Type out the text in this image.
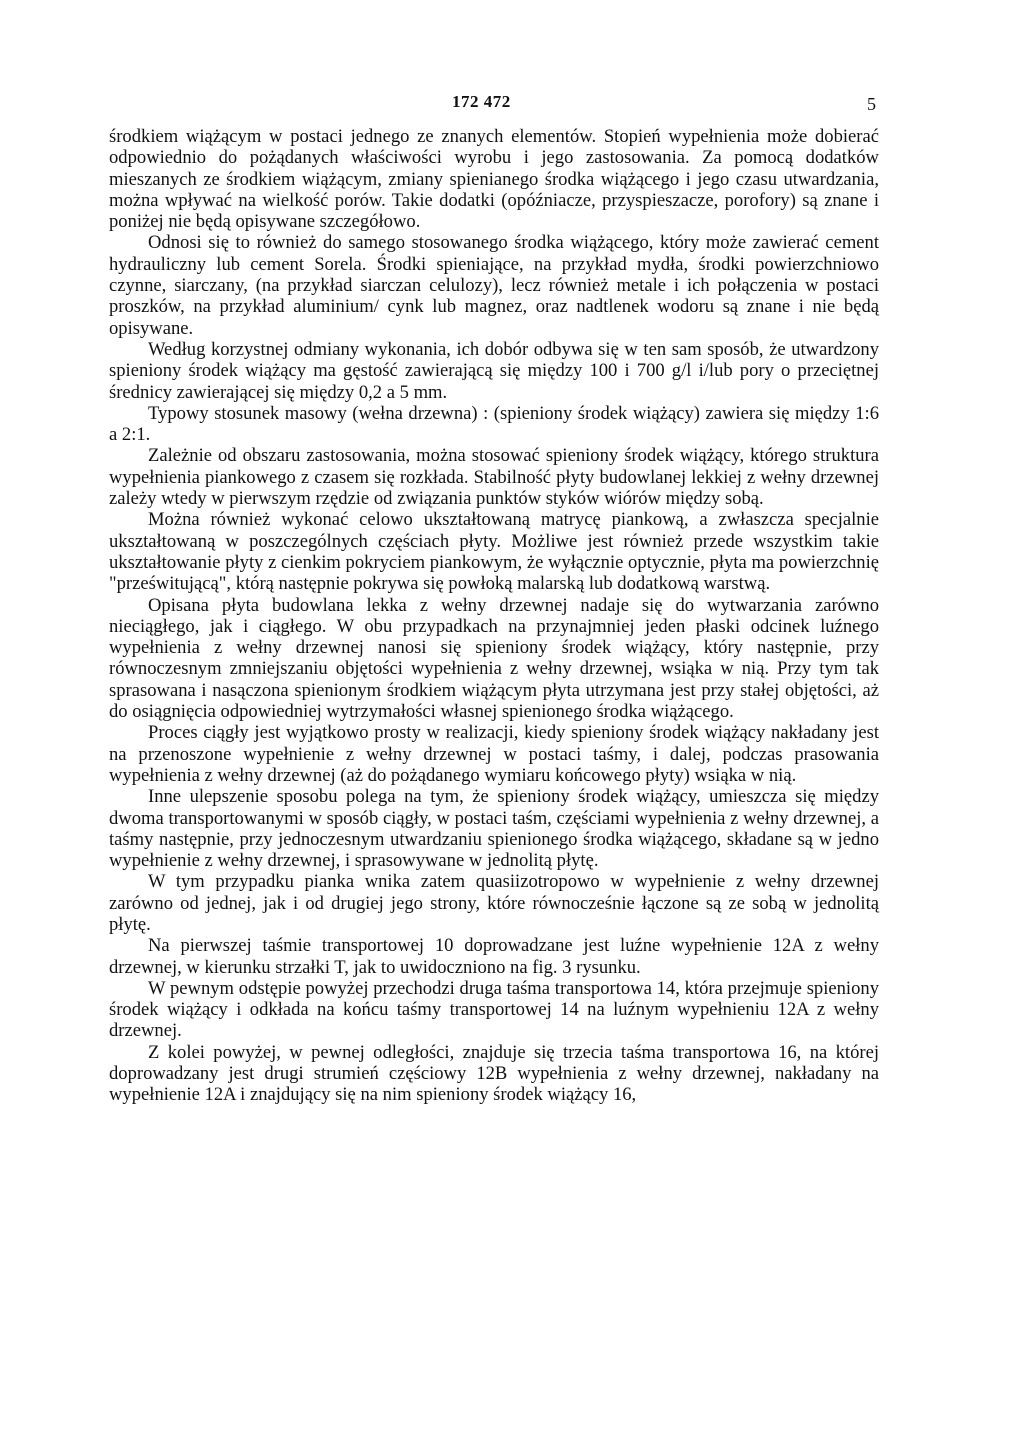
172 472	5

środkiem wiążącym w postaci jednego ze znanych elementów. Stopień wypełnienia może dobierać odpowiednio do pożądanych właściwości wyrobu i jego zastosowania. Za pomocą dodatków mieszanych ze środkiem wiążącym, zmiany spienianego środka wiążącego i jego czasu utwardzania, można wpływać na wielkość porów. Takie dodatki (opóźniacze, przyspieszacze, porofory) są znane i poniżej nie będą opisywane szczegółowo.

Odnosi się to również do samego stosowanego środka wiążącego, który może zawierać cement hydrauliczny lub cement Sorela. Środki spieniające, na przykład mydła, środki powierzchniowo czynne, siarczany, (na przykład siarczan celulozy), lecz również metale i ich połączenia w postaci proszków, na przykład aluminium/ cynk lub magnez, oraz nadtlenek wodoru są znane i nie będą opisywane.

Według korzystnej odmiany wykonania, ich dobór odbywa się w ten sam sposób, że utwardzony spieniony środek wiążący ma gęstość zawierającą się między 100 i 700 g/l i/lub pory o przeciętnej średnicy zawierającej się między 0,2 a 5 mm.

Typowy stosunek masowy (wełna drzewna) : (spieniony środek wiążący) zawiera się między 1:6 a 2:1.

Zależnie od obszaru zastosowania, można stosować spieniony środek wiążący, którego struktura wypełnienia piankowego z czasem się rozkłada. Stabilność płyty budowlanej lekkiej z wełny drzewnej zależy wtedy w pierwszym rzędzie od związania punktów styków wiórów między sobą.

Można również wykonać celowo ukształtowaną matrycę piankową, a zwłaszcza specjalnie ukształtowaną w poszczególnych częściach płyty. Możliwe jest również przede wszystkim takie ukształtowanie płyty z cienkim pokryciem piankowym, że wyłącznie optycznie, płyta ma powierzchnię "prześwitującą", którą następnie pokrywa się powłoką malarską lub dodatkową warstwą.

Opisana płyta budowlana lekka z wełny drzewnej nadaje się do wytwarzania zarówno nieciągłego, jak i ciągłego. W obu przypadkach na przynajmniej jeden płaski odcinek luźnego wypełnienia z wełny drzewnej nanosi się spieniony środek wiążący, który następnie, przy równoczesnym zmniejszaniu objętości wypełnienia z wełny drzewnej, wsiąka w nią. Przy tym tak sprasowana i nasączona spienionym środkiem wiążącym płyta utrzymana jest przy stałej objętości, aż do osiągnięcia odpowiedniej wytrzymałości własnej spienionego środka wiążącego.

Proces ciągły jest wyjątkowo prosty w realizacji, kiedy spieniony środek wiążący nakładany jest na przenoszone wypełnienie z wełny drzewnej w postaci taśmy, i dalej, podczas prasowania wypełnienia z wełny drzewnej (aż do pożądanego wymiaru końcowego płyty) wsiąka w nią.

Inne ulepszenie sposobu polega na tym, że spieniony środek wiążący, umieszcza się między dwoma transportowanymi w sposób ciągły, w postaci taśm, częściami wypełnienia z wełny drzewnej, a taśmy następnie, przy jednoczesnym utwardzaniu spienionego środka wiążącego, składane są w jedno wypełnienie z wełny drzewnej, i sprasowywane w jednolitą płytę.

W tym przypadku pianka wnika zatem quasiizotropowo w wypełnienie z wełny drzewnej zarówno od jednej, jak i od drugiej jego strony, które równocześnie łączone są ze sobą w jednolitą płytę.

Na pierwszej taśmie transportowej 10 doprowadzane jest luźne wypełnienie 12A z wełny drzewnej, w kierunku strzałki T, jak to uwidoczniono na fig. 3 rysunku.

W pewnym odstępie powyżej przechodzi druga taśma transportowa 14, która przejmuje spieniony środek wiążący i odkłada na końcu taśmy transportowej 14 na luźnym wypełnieniu 12A z wełny drzewnej.

Z kolei powyżej, w pewnej odległości, znajduje się trzecia taśma transportowa 16, na której doprowadzany jest drugi strumień częściowy 12B wypełnienia z wełny drzewnej, nakładany na wypełnienie 12A i znajdujący się na nim spieniony środek wiążący 16,
